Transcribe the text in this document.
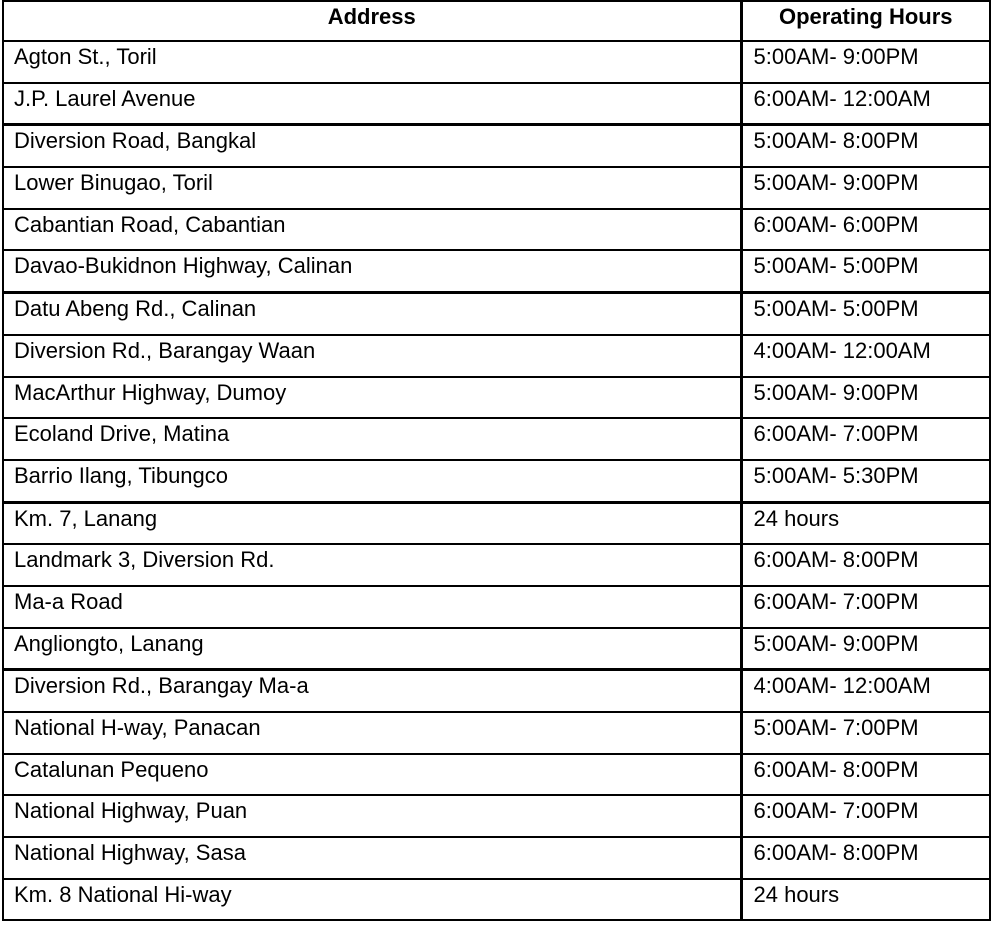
Address	Operating Hours
Agton St., Toril	5:00AM- 9:00PM
J.P. Laurel Avenue	6:00AM- 12:00AM
Diversion Road, Bangkal	5:00AM- 8:00PM
Lower Binugao, Toril	5:00AM- 9:00PM
Cabantian Road, Cabantian	6:00AM- 6:00PM
Davao-Bukidnon Highway, Calinan	5:00AM- 5:00PM
Datu Abeng Rd., Calinan	5:00AM- 5:00PM
Diversion Rd., Barangay Waan	4:00AM- 12:00AM
MacArthur Highway, Dumoy	5:00AM- 9:00PM
Ecoland Drive, Matina	6:00AM- 7:00PM
Barrio Ilang, Tibungco	5:00AM- 5:30PM
Km. 7, Lanang	24 hours
Landmark 3, Diversion Rd.	6:00AM- 8:00PM
Ma-a Road	6:00AM- 7:00PM
Angliongto, Lanang	5:00AM- 9:00PM
Diversion Rd., Barangay Ma-a	4:00AM- 12:00AM
National H-way, Panacan	5:00AM- 7:00PM
Catalunan Pequeno	6:00AM- 8:00PM
National Highway, Puan	6:00AM- 7:00PM
National Highway, Sasa	6:00AM- 8:00PM
Km. 8 National Hi-way	24 hours
